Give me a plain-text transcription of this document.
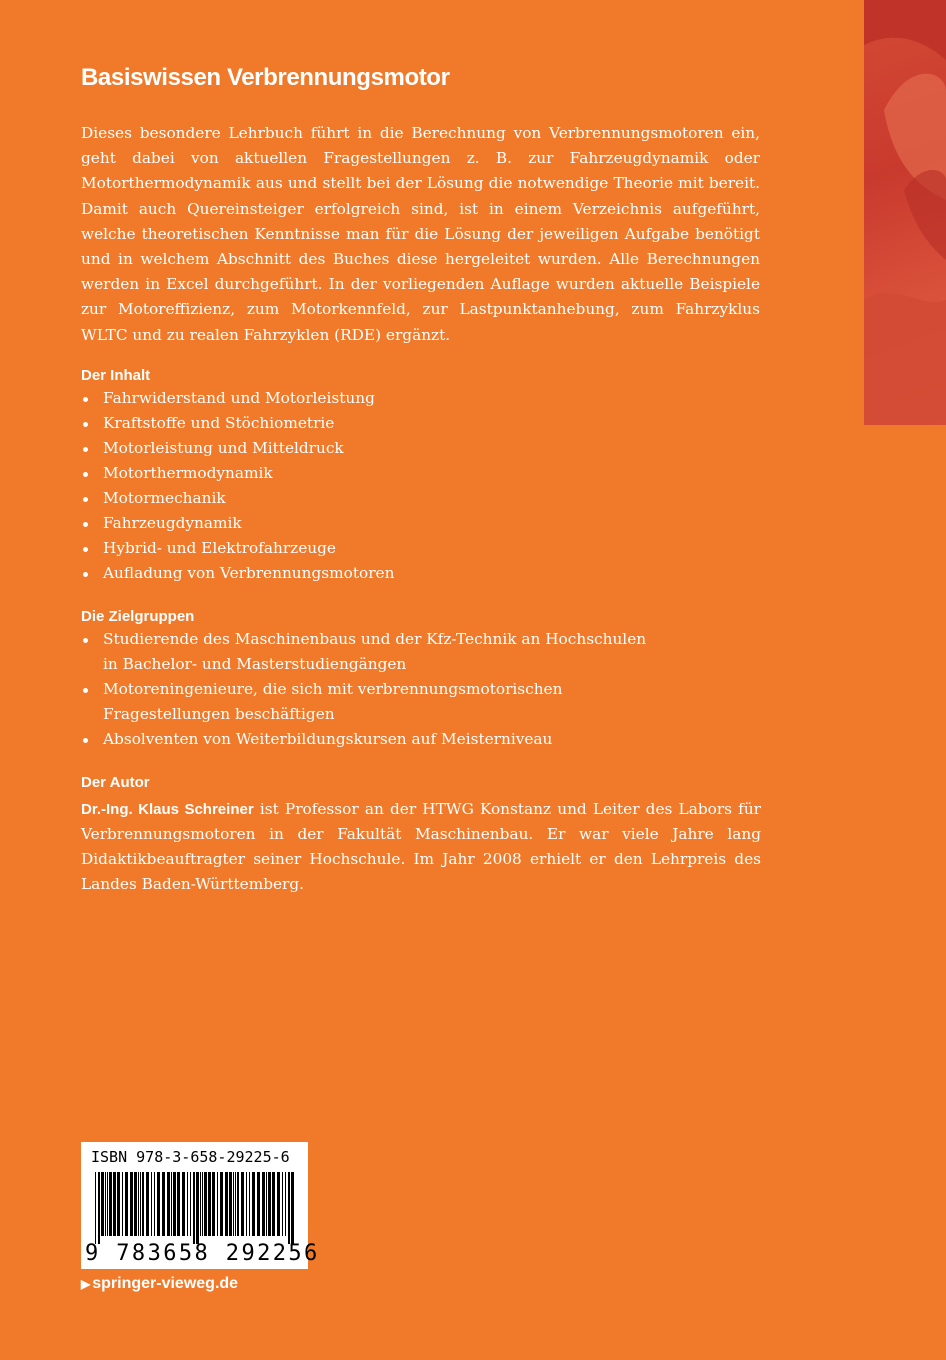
Basiswissen Verbrennungsmotor

Dieses besondere Lehrbuch führt in die Berechnung von Verbrennungsmotoren ein, geht dabei von aktuellen Fragestellungen z. B. zur Fahrzeugdynamik oder Motorthermodynamik aus und stellt bei der Lösung die notwendige Theorie mit bereit. Damit auch Quereinsteiger erfolgreich sind, ist in einem Verzeichnis aufgeführt, welche theoretischen Kenntnisse man für die Lösung der jeweiligen Aufgabe benötigt und in welchem Abschnitt des Buches diese hergeleitet wurden. Alle Berechnungen werden in Excel durchgeführt. In der vorliegenden Auflage wurden aktuelle Beispiele zur Motoreffizienz, zum Motorkennfeld, zur Lastpunktanhebung, zum Fahrzyklus WLTC und zu realen Fahrzyklen (RDE) ergänzt.

Der Inhalt
Fahrwiderstand und Motorleistung
Kraftstoffe und Stöchiometrie
Motorleistung und Mitteldruck
Motorthermodynamik
Motormechanik
Fahrzeugdynamik
Hybrid- und Elektrofahrzeuge
Aufladung von Verbrennungsmotoren
Die Zielgruppen
Studierende des Maschinenbaus und der Kfz-Technik an Hochschulen
in Bachelor- und Masterstudiengängen
Motoreningenieure, die sich mit verbrennungsmotorischen
Fragestellungen beschäftigen
Absolventen von Weiterbildungskursen auf Meisterniveau
Der Autor

Dr.-Ing. Klaus Schreiner ist Professor an der HTWG Konstanz und Leiter des Labors für Verbrennungsmotoren in der Fakultät Maschinenbau. Er war viele Jahre lang Didaktikbeauftragter seiner Hochschule. Im Jahr 2008 erhielt er den Lehrpreis des Landes Baden-Württemberg.

ISBN 978-3-658-29225-6
9 783658 292256
▶ springer-vieweg.de
